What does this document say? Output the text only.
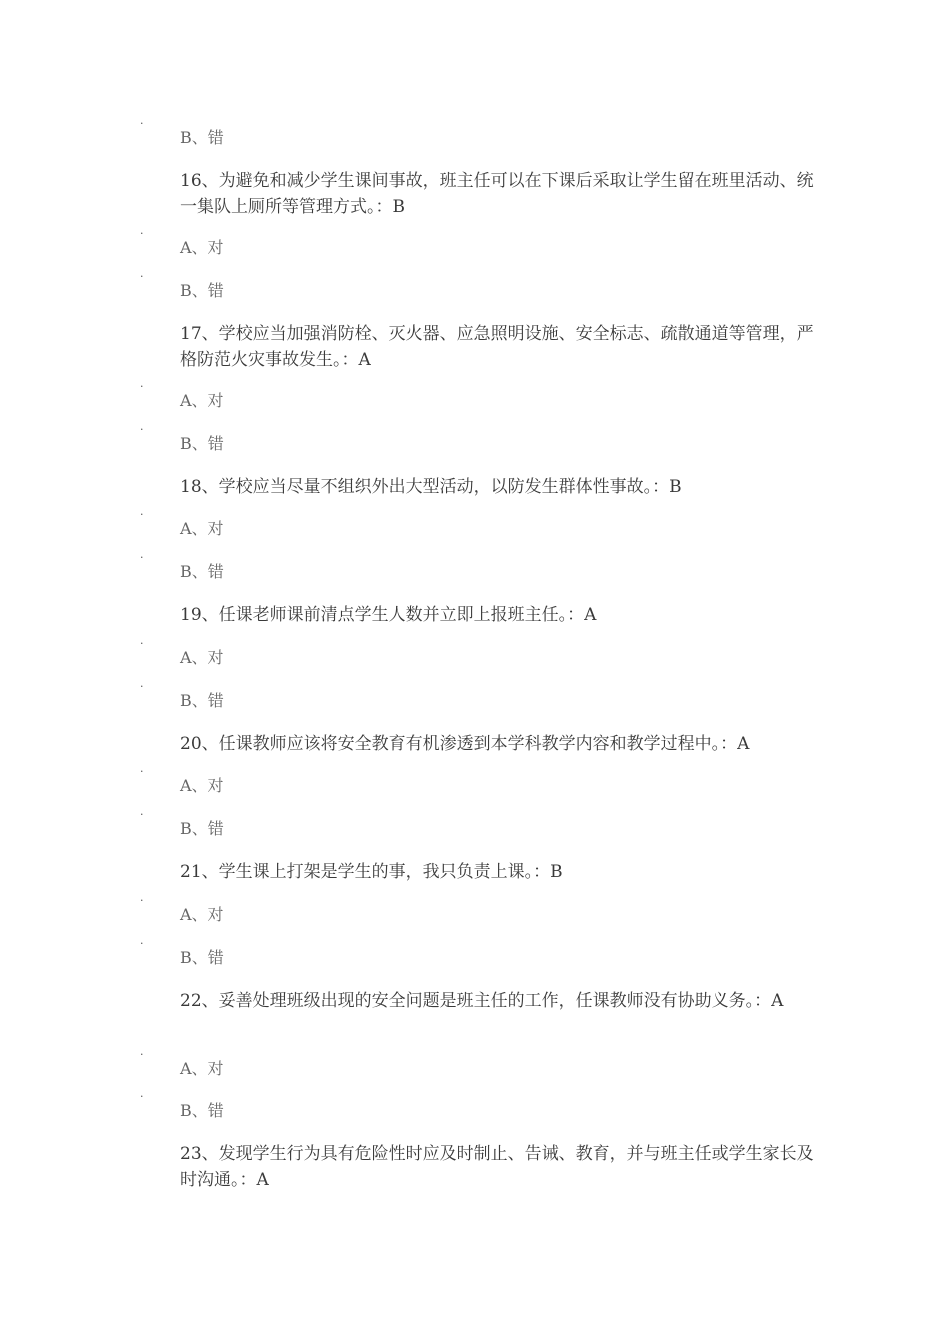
·
B、错

16、为避免和减少学生课间事故，班主任可以在下课后采取让学生留在班里活动、统一集队上厕所等管理方式。：B

·
A、对
·
B、错

17、学校应当加强消防栓、灭火器、应急照明设施、安全标志、疏散通道等管理，严格防范火灾事故发生。：A

·
A、对
·
B、错

18、学校应当尽量不组织外出大型活动，以防发生群体性事故。：B

·
A、对
·
B、错

19、任课老师课前清点学生人数并立即上报班主任。：A

·
A、对
·
B、错

20、任课教师应该将安全教育有机渗透到本学科教学内容和教学过程中。：A

·
A、对
·
B、错

21、学生课上打架是学生的事，我只负责上课。：B

·
A、对
·
B、错

22、妥善处理班级出现的安全问题是班主任的工作，任课教师没有协助义务。：A

·
A、对
·
B、错

23、发现学生行为具有危险性时应及时制止、告诫、教育，并与班主任或学生家长及时沟通。：A
